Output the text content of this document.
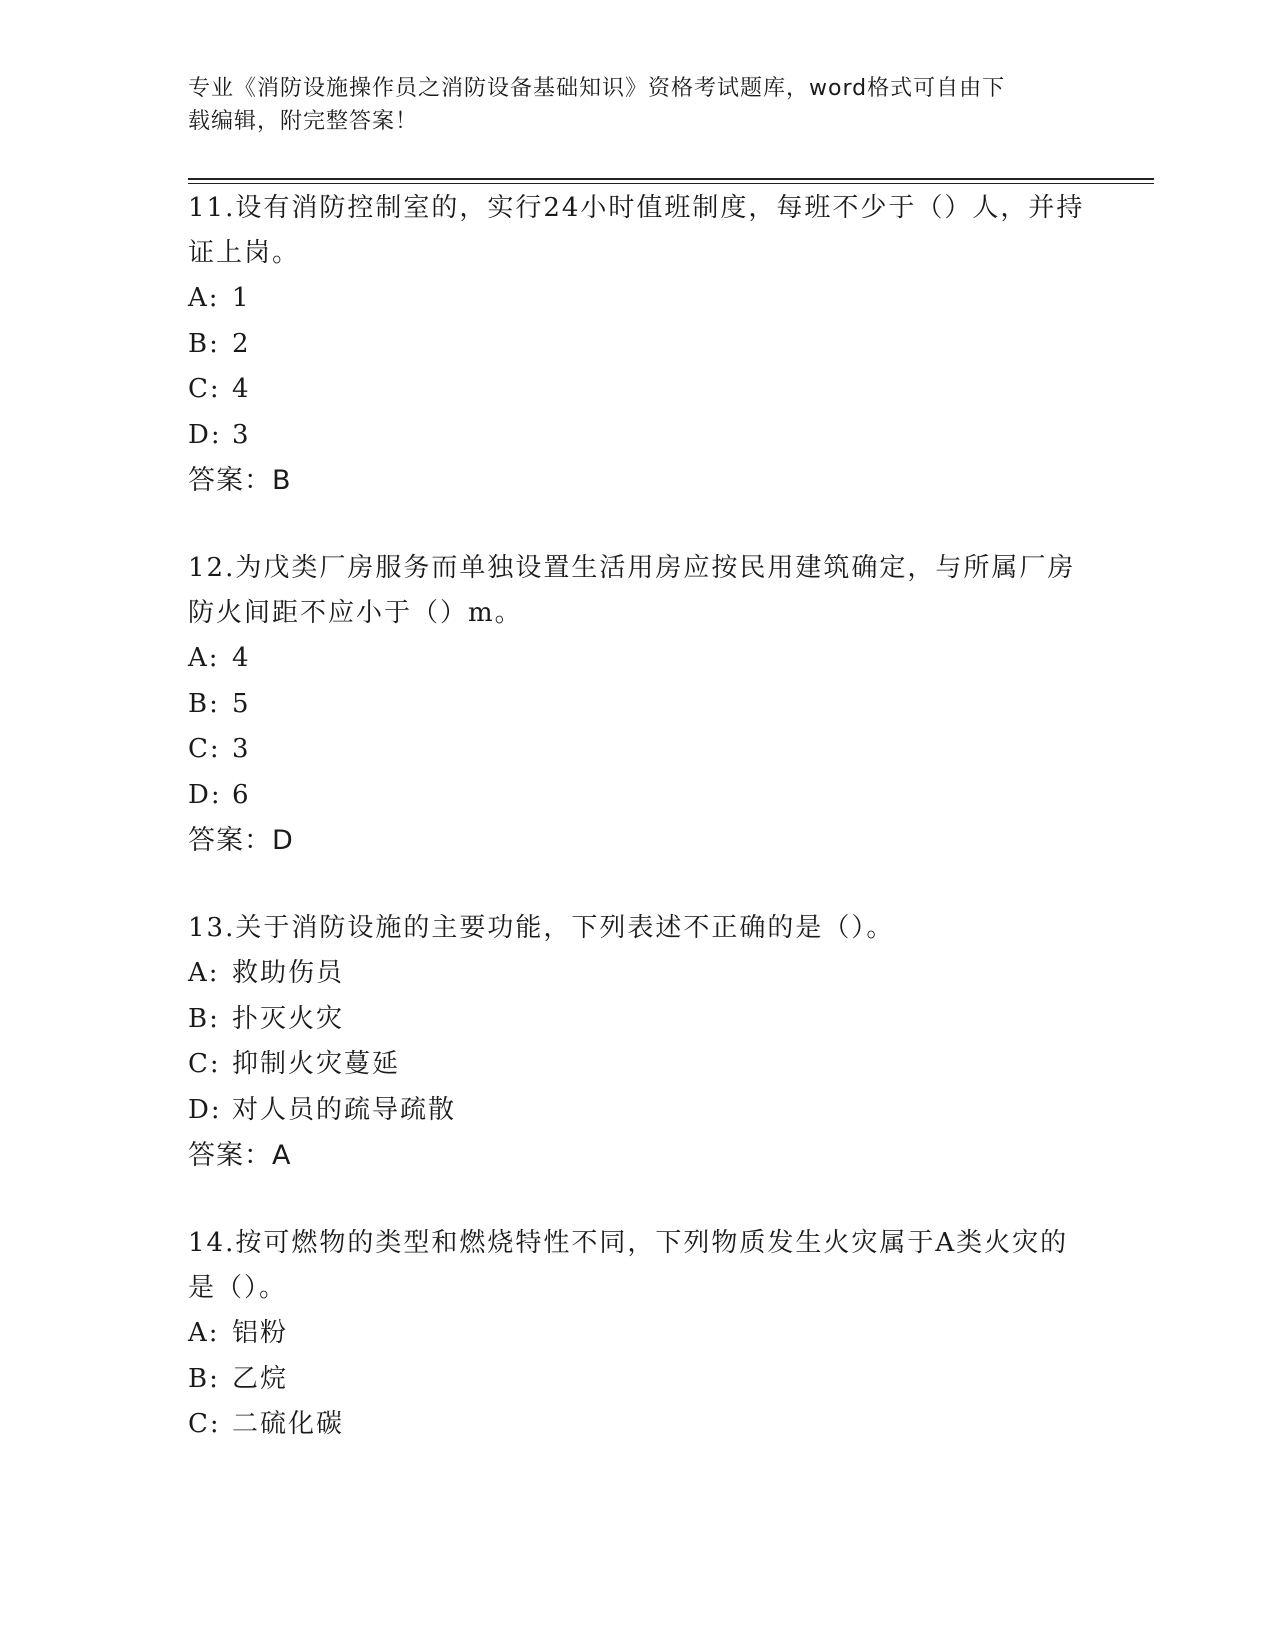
专业《消防设施操作员之消防设备基础知识》资格考试题库，word格式可自由下
载编辑，附完整答案！
11.设有消防控制室的，实行24小时值班制度，每班不少于（）人，并持证上岗。
A: 1
B: 2
C: 4
D: 3
答案：B
12.为戊类厂房服务而单独设置生活用房应按民用建筑确定，与所属厂房防火间距不应小于（）m。
A: 4
B: 5
C: 3
D: 6
答案：D
13.关于消防设施的主要功能，下列表述不正确的是（）。
A: 救助伤员
B: 扑灭火灾
C: 抑制火灾蔓延
D: 对人员的疏导疏散
答案：A
14.按可燃物的类型和燃烧特性不同，下列物质发生火灾属于A类火灾的是（）。
A: 铝粉
B: 乙烷
C: 二硫化碳
